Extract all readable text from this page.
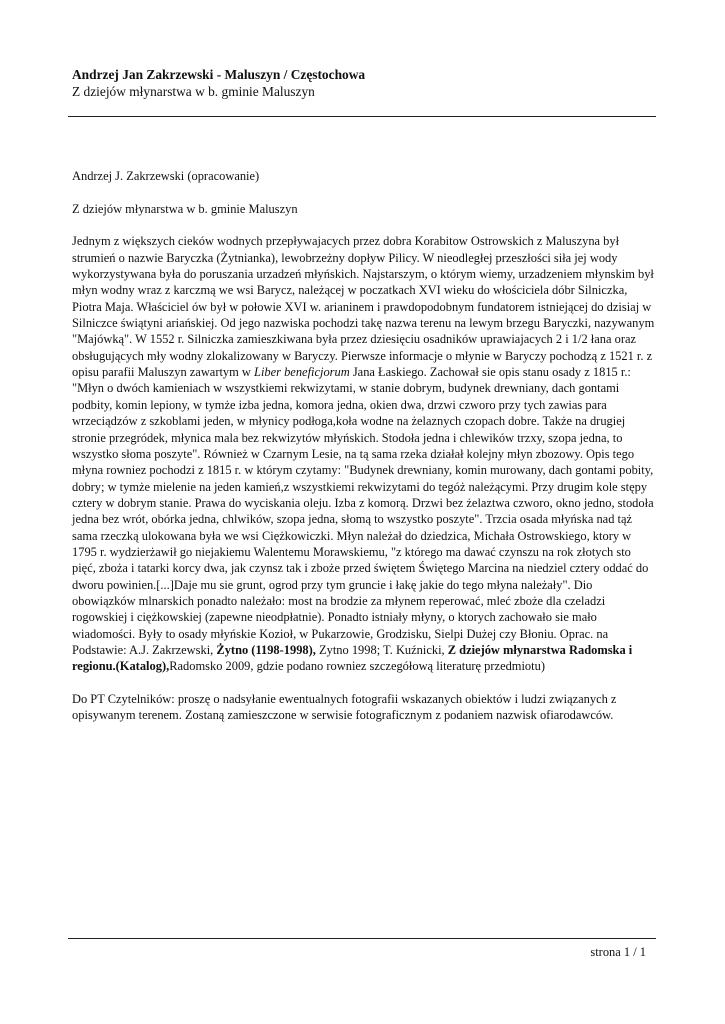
Andrzej Jan Zakrzewski - Maluszyn / Częstochowa

Z dziejów młynarstwa w b. gminie Maluszyn

Andrzej J. Zakrzewski (opracowanie)

Z dziejów młynarstwa w b. gminie Maluszyn

Jednym z większych cieków wodnych przepływajacych przez dobra Korabitow Ostrowskich z Maluszyna był strumień o nazwie Baryczka (Żytnianka), lewobrzeżny dopływ Pilicy. W nieodległej przeszłości siła jej wody wykorzystywana była do poruszania urzadzeń młyńskich. Najstarszym, o którym wiemy, urzadzeniem młynskim był młyn wodny wraz z karczmą we wsi Barycz, należącej w poczatkach XVI wieku do włościciela dóbr Silniczka, Piotra Maja. Właściciel ów był w połowie XVI w. arianinem i prawdopodobnym fundatorem istniejącej do dzisiaj w Silniczce świątyni ariańskiej. Od jego nazwiska pochodzi takę nazwa terenu na lewym brzegu Baryczki, nazywanym "Majówką". W 1552 r. Silniczka zamieszkiwana była przez dziesięciu osadników uprawiajacych 2 i 1/2 łana oraz obsługujących mły wodny zlokalizowany w Baryczy. Pierwsze informacje o młynie w Baryczy pochodzą z 1521 r. z opisu parafii Maluszyn zawartym w Liber beneficjorum Jana Łaskiego. Zachował sie opis stanu osady z 1815 r.: "Młyn o dwóch kamieniach w wszystkiemi rekwizytami, w stanie dobrym, budynek drewniany, dach gontami podbity, komin lepiony, w tymże izba jedna, komora jedna, okien dwa, drzwi czworo przy tych zawias para wrzeciądzów z szkoblami jeden, w młynicy podłoga,koła wodne na żelaznych czopach dobre. Także na drugiej stronie przegródek, młynica mala bez rekwizytów młyńskich. Stodoła jedna i chlewików trzxy, szopa jedna, to wszystko słoma poszyte". Również w Czarnym Lesie, na tą sama rzeka działał kolejny młyn zbozowy. Opis tego młyna rowniez pochodzi z 1815 r. w którym czytamy: "Budynek drewniany, komin murowany, dach gontami pobity, dobry; w tymże mielenie na jeden kamień,z wszystkiemi rekwizytami do tegóż należącymi. Przy drugim kole stępy cztery w dobrym stanie. Prawa do wyciskania oleju. Izba z komorą. Drzwi bez żelaztwa czworo, okno jedno, stodoła jedna bez wrót, obórka jedna, chlwików, szopa jedna, słomą to wszystko poszyte". Trzcia osada młyńska nad tąż sama rzeczką ulokowana była we wsi Ciężkowiczki. Młyn należał do dziedzica, Michała Ostrowskiego, ktory w 1795 r. wydzierżawił go niejakiemu Walentemu Morawskiemu, "z którego ma dawać czynszu na rok złotych sto pięć, zboża i tatarki korcy dwa, jak czynsz tak i zboże przed świętem Świętego Marcina na niedziel cztery oddać do dworu powinien.[...]Daje mu sie grunt, ogrod przy tym gruncie i łakę jakie do tego młyna należały". Dio obowiązków mlnarskich ponadto należało: most na brodzie za młynem reperować, mleć zboże dla czeladzi rogowskiej i ciężkowskiej (zapewne nieodpłatnie). Ponadto istniały młyny, o ktorych zachowało sie mało wiadomości. Były to osady młyńskie Kozioł, w Pukarzowie, Grodzisku, Sielpi Dużej czy Błoniu. Oprac. na Podstawie: A.J. Zakrzewski, Żytno (1198-1998), Zytno 1998; T. Kuźnicki, Z dziejów młynarstwa Radomska i regionu.(Katalog),Radomsko 2009, gdzie podano rowniez szczegółową literaturę przedmiotu)

Do PT Czytelników: proszę o nadsyłanie ewentualnych fotografii wskazanych obiektów i ludzi związanych z opisywanym terenem. Zostaną zamieszczone w serwisie fotograficznym z podaniem nazwisk ofiarodawców.

strona 1 / 1
